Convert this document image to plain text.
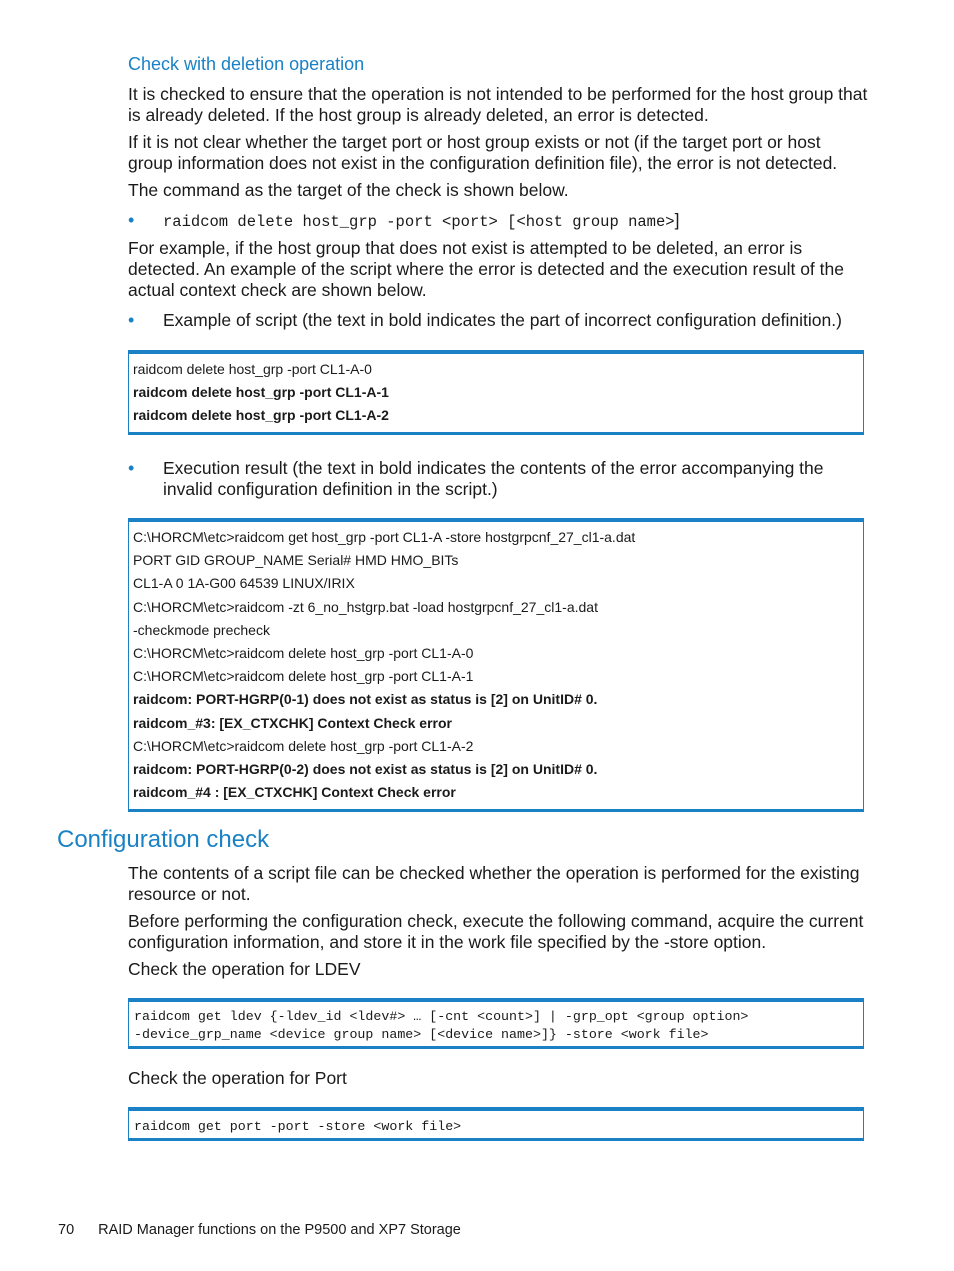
Check with deletion operation
It is checked to ensure that the operation is not intended to be performed for the host group that is already deleted. If the host group is already deleted, an error is detected.
If it is not clear whether the target port or host group exists or not (if the target port or host group information does not exist in the configuration definition file), the error is not detected.
The command as the target of the check is shown below.
• raidcom delete host_grp -port <port> [<host group name>]
For example, if the host group that does not exist is attempted to be deleted, an error is detected. An example of the script where the error is detected and the execution result of the actual context check are shown below.
• Example of script (the text in bold indicates the part of incorrect configuration definition.)
raidcom delete host_grp -port CL1-A-0
raidcom delete host_grp -port CL1-A-1
raidcom delete host_grp -port CL1-A-2
• Execution result (the text in bold indicates the contents of the error accompanying the invalid configuration definition in the script.)
C:\HORCM\etc>raidcom get host_grp -port CL1-A -store hostgrpcnf_27_cl1-a.dat
PORT GID GROUP_NAME Serial# HMD HMO_BITs
CL1-A 0 1A-G00 64539 LINUX/IRIX
C:\HORCM\etc>raidcom -zt 6_no_hstgrp.bat -load hostgrpcnf_27_cl1-a.dat
-checkmode precheck
C:\HORCM\etc>raidcom delete host_grp -port CL1-A-0
C:\HORCM\etc>raidcom delete host_grp -port CL1-A-1
raidcom: PORT-HGRP(0-1) does not exist as status is [2] on UnitID# 0.
raidcom_#3: [EX_CTXCHK] Context Check error
C:\HORCM\etc>raidcom delete host_grp -port CL1-A-2
raidcom: PORT-HGRP(0-2) does not exist as status is [2] on UnitID# 0.
raidcom_#4 : [EX_CTXCHK] Context Check error
Configuration check
The contents of a script file can be checked whether the operation is performed for the existing resource or not.
Before performing the configuration check, execute the following command, acquire the current configuration information, and store it in the work file specified by the -store option.
Check the operation for LDEV
raidcom get ldev {-ldev_id <ldev#> … [-cnt <count>] | -grp_opt <group option>
-device_grp_name <device group name> [<device name>]} -store <work file>
Check the operation for Port
raidcom get port -port -store <work file>
70 RAID Manager functions on the P9500 and XP7 Storage
